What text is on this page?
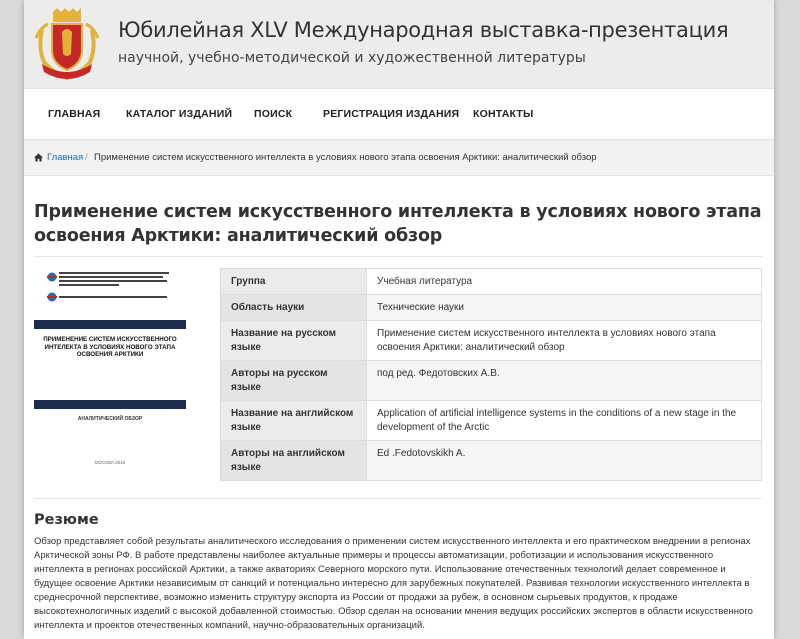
Юбилейная XLV Международная выставка-презентация
научной, учебно-методической и художественной литературы
ГЛАВНАЯ КАТАЛОГ ИЗДАНИЙ ПОИСК	РЕГИСТРАЦИЯ ИЗДАНИЯ КОНТАКТЫ
Главная / Применение систем искусственного интеллекта в условиях нового этапа освоения Арктики: аналитический обзор
Применение систем искусственного интеллекта в условиях нового этапа освоения Арктики: аналитический обзор
ПРИМЕНЕНИЕ СИСТЕМ ИСКУССТВЕННОГО ИНТЕЛЕКТА В УСЛОВИЯХ НОВОГО ЭТАПА ОСВОЕНИЯ АРКТИКИ
АНАЛИТИЧЕСКИЙ ОБЗОР
МОСКВА 2019
Группа	Учебная литература
Область науки	Технические науки
Название на русском языке	Применение систем искусственного интеллекта в условиях нового этапа освоения Арктики: аналитический обзор
Авторы на русском языке	под ред. Федотовских А.В.
Название на английском языке	Application of artificial intelligence systems in the conditions of a new stage in the development of the Arctic
Авторы на английском языке	Ed .Fedotovskikh A.
Резюме

Обзор представляет собой результаты аналитического исследования о применении систем искусственного интеллекта и его практическом внедрении в регионах Арктической зоны РФ. В работе представлены наиболее актуальные примеры и процессы автоматизации, роботизации и использования искусственного интеллекта в регионах российской Арктики, а также акваториях Северного морского пути. Использование отечественных технологий делает современное и будущее освоение Арктики независимым от санкций и потенциально интересно для зарубежных покупателей. Развивая технологии искусственного интеллекта в среднесрочной перспективе, возможно изменить структуру экспорта из России от продажи за рубеж, в основном сырьевых продуктов, к продаже высокотехнологичных изделий с высокой добавленной стоимостью. Обзор сделан на основании мнения ведущих российских экспертов в области искусственного интеллекта и проектов отечественных компаний, научно-образовательных организаций.
